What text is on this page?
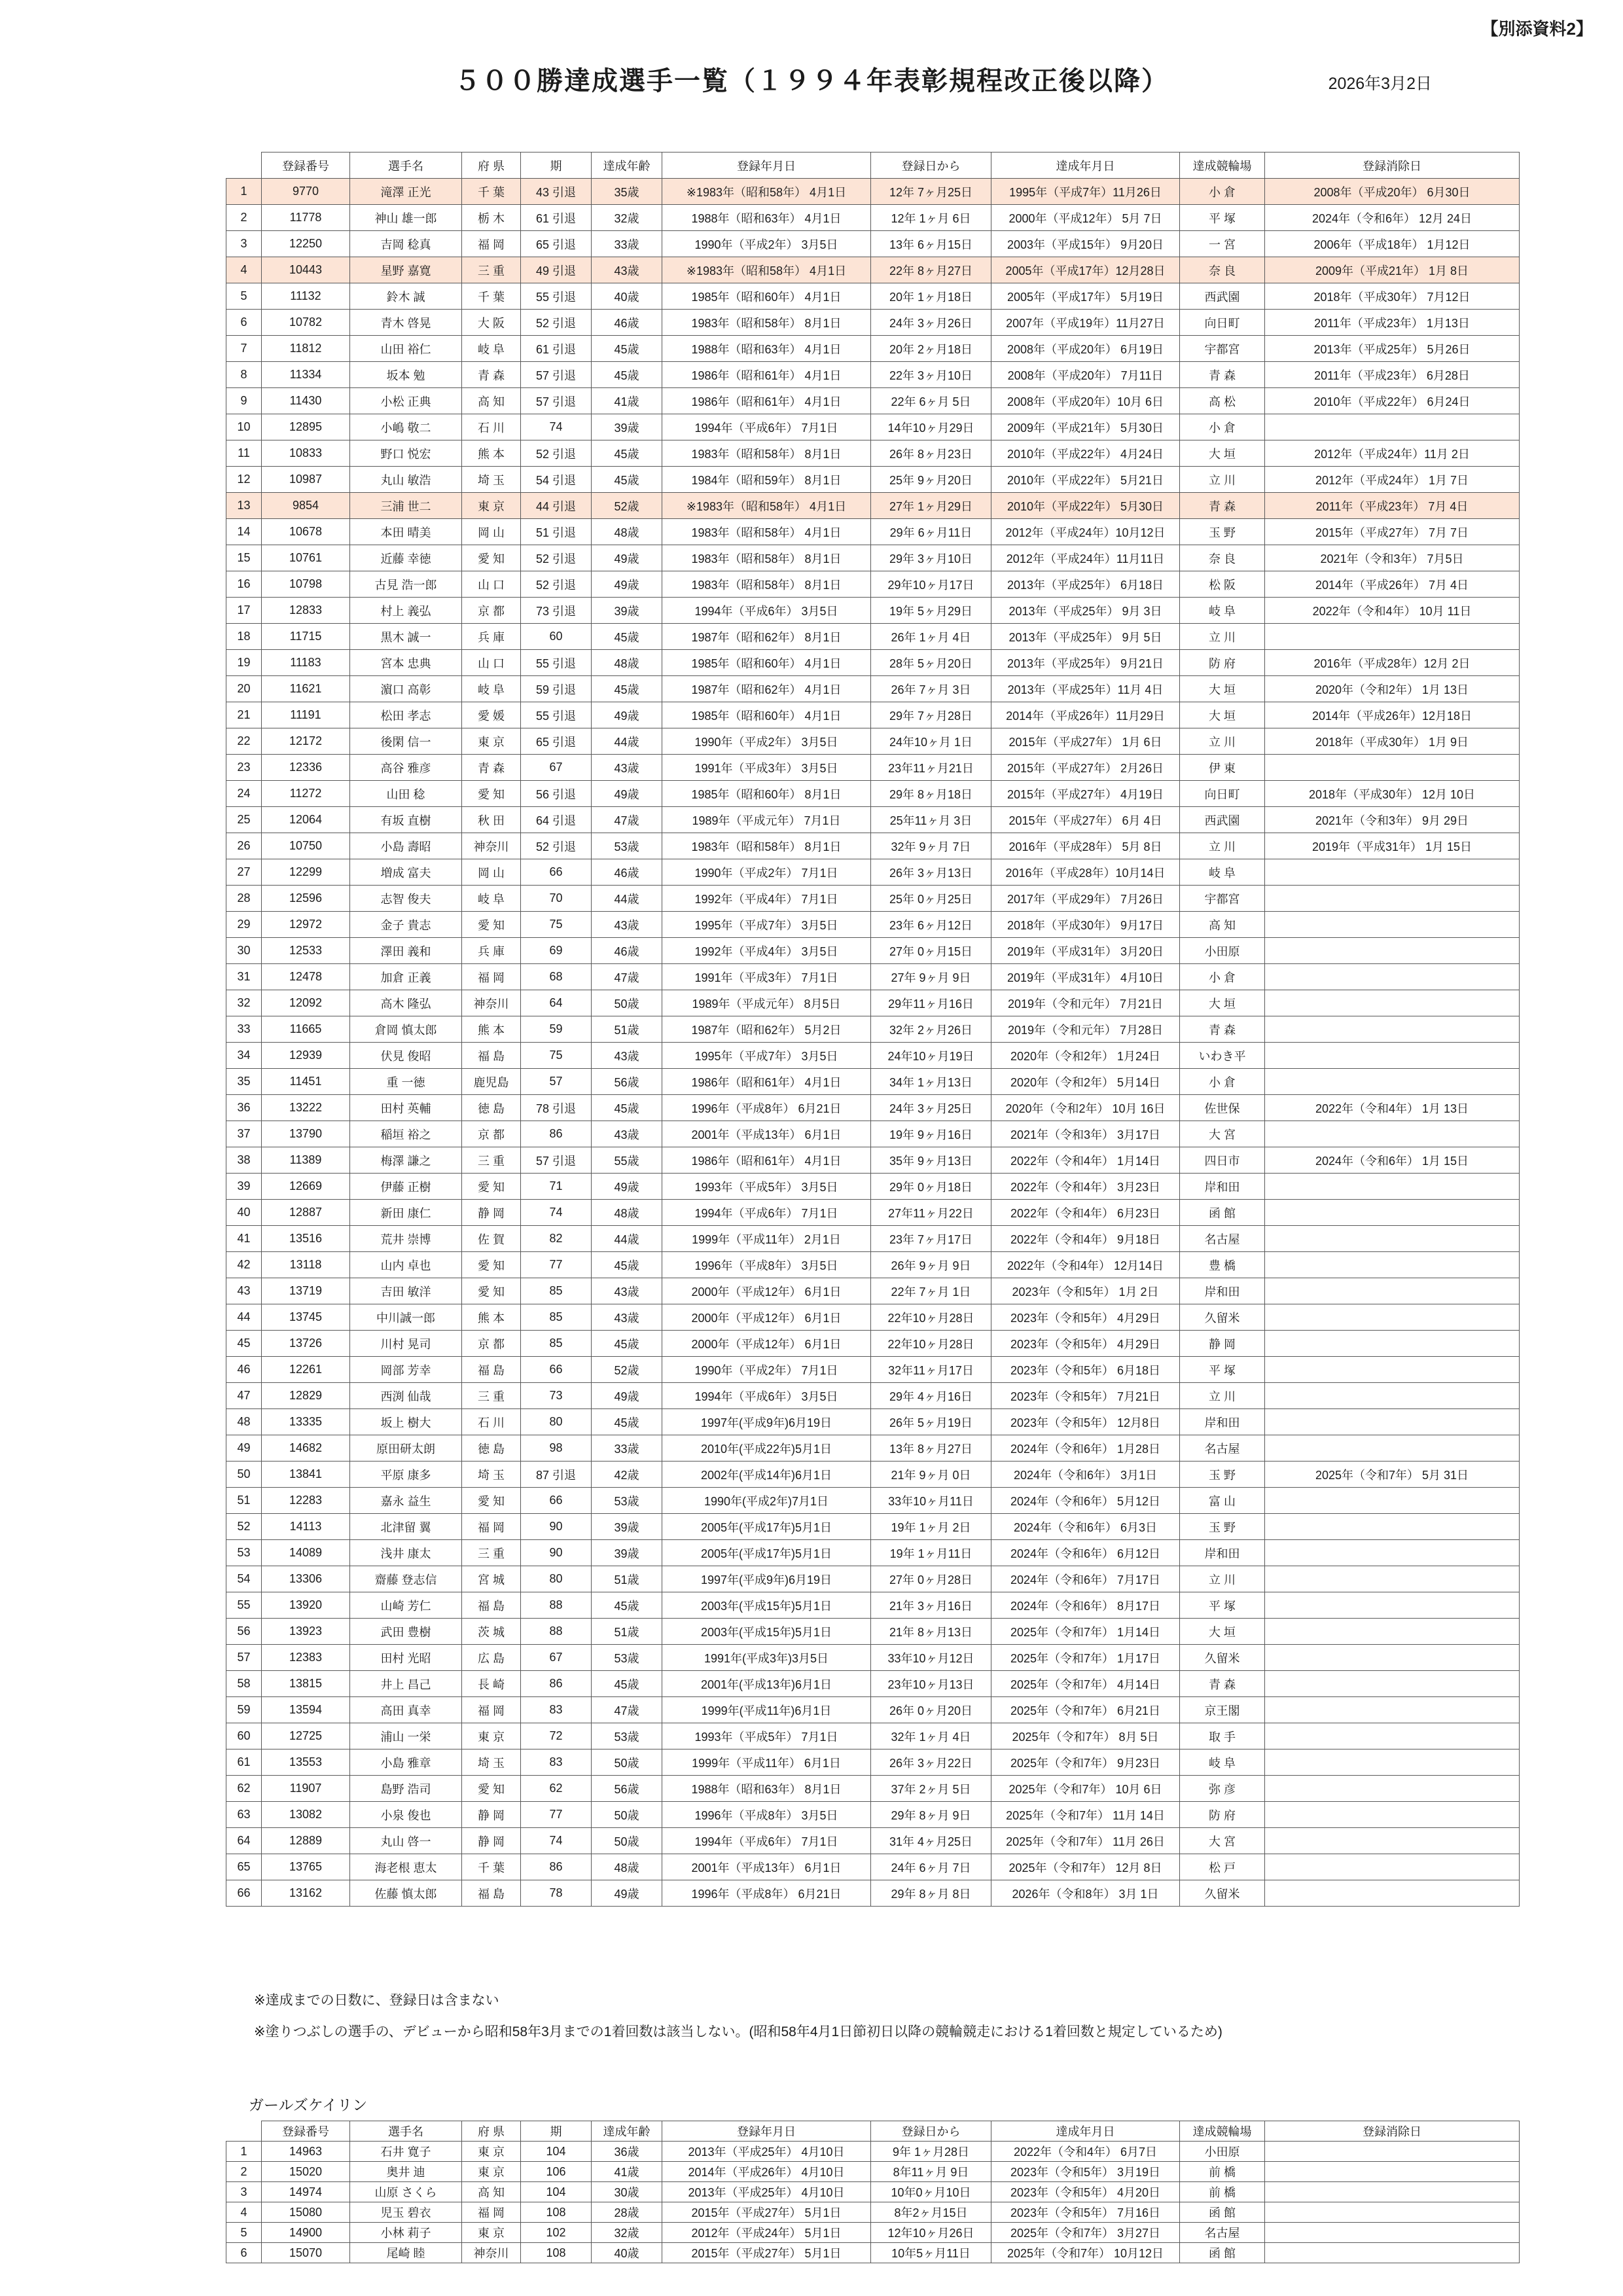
【別添資料2】
５００勝達成選手一覧（１９９４年表彰規程改正後以降）	2026年3月2日
	登録番号	選手名	府 県	期	達成年齢	登録年月日	登録日から	達成年月日	達成競輪場	登録消除日
1	9770	滝澤 正光	千 葉	43 引退	35歳	※1983年（昭和58年） 4月1日	12年 7ヶ月25日	1995年（平成7年）11月26日	小 倉	2008年（平成20年） 6月30日
2	11778	神山 雄一郎	栃 木	61 引退	32歳	1988年（昭和63年） 4月1日	12年 1ヶ月 6日	2000年（平成12年） 5月 7日	平 塚	2024年（令和6年） 12月 24日
3	12250	吉岡 稔真	福 岡	65 引退	33歳	1990年（平成2年） 3月5日	13年 6ヶ月15日	2003年（平成15年） 9月20日	一 宮	2006年（平成18年） 1月12日
4	10443	星野 嘉寛	三 重	49 引退	43歳	※1983年（昭和58年） 4月1日	22年 8ヶ月27日	2005年（平成17年）12月28日	奈 良	2009年（平成21年） 1月 8日
5	11132	鈴木 誠	千 葉	55 引退	40歳	1985年（昭和60年） 4月1日	20年 1ヶ月18日	2005年（平成17年） 5月19日	西武園	2018年（平成30年） 7月12日
6	10782	青木 啓晃	大 阪	52 引退	46歳	1983年（昭和58年） 8月1日	24年 3ヶ月26日	2007年（平成19年）11月27日	向日町	2011年（平成23年） 1月13日
7	11812	山田 裕仁	岐 阜	61 引退	45歳	1988年（昭和63年） 4月1日	20年 2ヶ月18日	2008年（平成20年） 6月19日	宇都宮	2013年（平成25年） 5月26日
8	11334	坂本 勉	青 森	57 引退	45歳	1986年（昭和61年） 4月1日	22年 3ヶ月10日	2008年（平成20年） 7月11日	青 森	2011年（平成23年） 6月28日
9	11430	小松 正典	高 知	57 引退	41歳	1986年（昭和61年） 4月1日	22年 6ヶ月 5日	2008年（平成20年）10月 6日	高 松	2010年（平成22年） 6月24日
10	12895	小嶋 敬二	石 川	74	39歳	1994年（平成6年） 7月1日	14年10ヶ月29日	2009年（平成21年） 5月30日	小 倉	
11	10833	野口 悦宏	熊 本	52 引退	45歳	1983年（昭和58年） 8月1日	26年 8ヶ月23日	2010年（平成22年） 4月24日	大 垣	2012年（平成24年）11月 2日
12	10987	丸山 敏浩	埼 玉	54 引退	45歳	1984年（昭和59年） 8月1日	25年 9ヶ月20日	2010年（平成22年） 5月21日	立 川	2012年（平成24年） 1月 7日
13	9854	三浦 世二	東 京	44 引退	52歳	※1983年（昭和58年） 4月1日	27年 1ヶ月29日	2010年（平成22年） 5月30日	青 森	2011年（平成23年） 7月 4日
14	10678	本田 晴美	岡 山	51 引退	48歳	1983年（昭和58年） 4月1日	29年 6ヶ月11日	2012年（平成24年）10月12日	玉 野	2015年（平成27年） 7月 7日
15	10761	近藤 幸徳	愛 知	52 引退	49歳	1983年（昭和58年） 8月1日	29年 3ヶ月10日	2012年（平成24年）11月11日	奈 良	2021年（令和3年） 7月5日
16	10798	古見 浩一郎	山 口	52 引退	49歳	1983年（昭和58年） 8月1日	29年10ヶ月17日	2013年（平成25年） 6月18日	松 阪	2014年（平成26年） 7月 4日
17	12833	村上 義弘	京 都	73 引退	39歳	1994年（平成6年） 3月5日	19年 5ヶ月29日	2013年（平成25年） 9月 3日	岐 阜	2022年（令和4年） 10月 11日
18	11715	黒木 誠一	兵 庫	60	45歳	1987年（昭和62年） 8月1日	26年 1ヶ月 4日	2013年（平成25年） 9月 5日	立 川	
19	11183	宮本 忠典	山 口	55 引退	48歳	1985年（昭和60年） 4月1日	28年 5ヶ月20日	2013年（平成25年） 9月21日	防 府	2016年（平成28年）12月 2日
20	11621	濵口 高彰	岐 阜	59 引退	45歳	1987年（昭和62年） 4月1日	26年 7ヶ月 3日	2013年（平成25年）11月 4日	大 垣	2020年（令和2年） 1月 13日
21	11191	松田 孝志	愛 媛	55 引退	49歳	1985年（昭和60年） 4月1日	29年 7ヶ月28日	2014年（平成26年）11月29日	大 垣	2014年（平成26年）12月18日
22	12172	後閑 信一	東 京	65 引退	44歳	1990年（平成2年） 3月5日	24年10ヶ月 1日	2015年（平成27年） 1月 6日	立 川	2018年（平成30年） 1月 9日
23	12336	高谷 雅彦	青 森	67	43歳	1991年（平成3年） 3月5日	23年11ヶ月21日	2015年（平成27年） 2月26日	伊 東	
24	11272	山田 稔	愛 知	56 引退	49歳	1985年（昭和60年） 8月1日	29年 8ヶ月18日	2015年（平成27年） 4月19日	向日町	2018年（平成30年） 12月 10日
25	12064	有坂 直樹	秋 田	64 引退	47歳	1989年（平成元年） 7月1日	25年11ヶ月 3日	2015年（平成27年） 6月 4日	西武園	2021年（令和3年） 9月 29日
26	10750	小島 壽昭	神奈川	52 引退	53歳	1983年（昭和58年） 8月1日	32年 9ヶ月 7日	2016年（平成28年） 5月 8日	立 川	2019年（平成31年） 1月 15日
27	12299	増成 富夫	岡 山	66	46歳	1990年（平成2年） 7月1日	26年 3ヶ月13日	2016年（平成28年）10月14日	岐 阜	
28	12596	志智 俊夫	岐 阜	70	44歳	1992年（平成4年） 7月1日	25年 0ヶ月25日	2017年（平成29年） 7月26日	宇都宮	
29	12972	金子 貴志	愛 知	75	43歳	1995年（平成7年） 3月5日	23年 6ヶ月12日	2018年（平成30年） 9月17日	高 知	
30	12533	澤田 義和	兵 庫	69	46歳	1992年（平成4年） 3月5日	27年 0ヶ月15日	2019年（平成31年） 3月20日	小田原	
31	12478	加倉 正義	福 岡	68	47歳	1991年（平成3年） 7月1日	27年 9ヶ月 9日	2019年（平成31年） 4月10日	小 倉	
32	12092	高木 隆弘	神奈川	64	50歳	1989年（平成元年） 8月5日	29年11ヶ月16日	2019年（令和元年） 7月21日	大 垣	
33	11665	倉岡 慎太郎	熊 本	59	51歳	1987年（昭和62年） 5月2日	32年 2ヶ月26日	2019年（令和元年） 7月28日	青 森	
34	12939	伏見 俊昭	福 島	75	43歳	1995年（平成7年） 3月5日	24年10ヶ月19日	2020年（令和2年） 1月24日	いわき平	
35	11451	重 一徳	鹿児島	57	56歳	1986年（昭和61年） 4月1日	34年 1ヶ月13日	2020年（令和2年） 5月14日	小 倉	
36	13222	田村 英輔	徳 島	78 引退	45歳	1996年（平成8年） 6月21日	24年 3ヶ月25日	2020年（令和2年） 10月 16日	佐世保	2022年（令和4年） 1月 13日
37	13790	稲垣 裕之	京 都	86	43歳	2001年（平成13年） 6月1日	19年 9ヶ月16日	2021年（令和3年） 3月17日	大 宮	
38	11389	梅澤 謙之	三 重	57 引退	55歳	1986年（昭和61年） 4月1日	35年 9ヶ月13日	2022年（令和4年） 1月14日	四日市	2024年（令和6年） 1月 15日
39	12669	伊藤 正樹	愛 知	71	49歳	1993年（平成5年） 3月5日	29年 0ヶ月18日	2022年（令和4年） 3月23日	岸和田	
40	12887	新田 康仁	静 岡	74	48歳	1994年（平成6年） 7月1日	27年11ヶ月22日	2022年（令和4年） 6月23日	函 館	
41	13516	荒井 崇博	佐 賀	82	44歳	1999年（平成11年） 2月1日	23年 7ヶ月17日	2022年（令和4年） 9月18日	名古屋	
42	13118	山内 卓也	愛 知	77	45歳	1996年（平成8年） 3月5日	26年 9ヶ月 9日	2022年（令和4年） 12月14日	豊 橋	
43	13719	吉田 敏洋	愛 知	85	43歳	2000年（平成12年） 6月1日	22年 7ヶ月 1日	2023年（令和5年） 1月 2日	岸和田	
44	13745	中川誠一郎	熊 本	85	43歳	2000年（平成12年） 6月1日	22年10ヶ月28日	2023年（令和5年） 4月29日	久留米	
45	13726	川村 晃司	京 都	85	45歳	2000年（平成12年） 6月1日	22年10ヶ月28日	2023年（令和5年） 4月29日	静 岡	
46	12261	岡部 芳幸	福 島	66	52歳	1990年（平成2年） 7月1日	32年11ヶ月17日	2023年（令和5年） 6月18日	平 塚	
47	12829	西渕 仙哉	三 重	73	49歳	1994年（平成6年） 3月5日	29年 4ヶ月16日	2023年（令和5年） 7月21日	立 川	
48	13335	坂上 樹大	石 川	80	45歳	1997年(平成9年)6月19日	26年 5ヶ月19日	2023年（令和5年） 12月8日	岸和田	
49	14682	原田研太朗	徳 島	98	33歳	2010年(平成22年)5月1日	13年 8ヶ月27日	2024年（令和6年） 1月28日	名古屋	
50	13841	平原 康多	埼 玉	87 引退	42歳	2002年(平成14年)6月1日	21年 9ヶ月 0日	2024年（令和6年） 3月1日	玉 野	2025年（令和7年） 5月 31日
51	12283	嘉永 益生	愛 知	66	53歳	1990年(平成2年)7月1日	33年10ヶ月11日	2024年（令和6年） 5月12日	富 山	
52	14113	北津留 翼	福 岡	90	39歳	2005年(平成17年)5月1日	19年 1ヶ月 2日	2024年（令和6年） 6月3日	玉 野	
53	14089	浅井 康太	三 重	90	39歳	2005年(平成17年)5月1日	19年 1ヶ月11日	2024年（令和6年） 6月12日	岸和田	
54	13306	齋藤 登志信	宮 城	80	51歳	1997年(平成9年)6月19日	27年 0ヶ月28日	2024年（令和6年） 7月17日	立 川	
55	13920	山崎 芳仁	福 島	88	45歳	2003年(平成15年)5月1日	21年 3ヶ月16日	2024年（令和6年） 8月17日	平 塚	
56	13923	武田 豊樹	茨 城	88	51歳	2003年(平成15年)5月1日	21年 8ヶ月13日	2025年（令和7年） 1月14日	大 垣	
57	12383	田村 光昭	広 島	67	53歳	1991年(平成3年)3月5日	33年10ヶ月12日	2025年（令和7年） 1月17日	久留米	
58	13815	井上 昌己	長 崎	86	45歳	2001年(平成13年)6月1日	23年10ヶ月13日	2025年（令和7年） 4月14日	青 森	
59	13594	高田 真幸	福 岡	83	47歳	1999年(平成11年)6月1日	26年 0ヶ月20日	2025年（令和7年） 6月21日	京王閣	
60	12725	浦山 一栄	東 京	72	53歳	1993年（平成5年） 7月1日	32年 1ヶ月 4日	2025年（令和7年） 8月 5日	取 手	
61	13553	小島 雅章	埼 玉	83	50歳	1999年（平成11年） 6月1日	26年 3ヶ月22日	2025年（令和7年） 9月23日	岐 阜	
62	11907	島野 浩司	愛 知	62	56歳	1988年（昭和63年） 8月1日	37年 2ヶ月 5日	2025年（令和7年） 10月 6日	弥 彦	
63	13082	小泉 俊也	静 岡	77	50歳	1996年（平成8年） 3月5日	29年 8ヶ月 9日	2025年（令和7年） 11月 14日	防 府	
64	12889	丸山 啓一	静 岡	74	50歳	1994年（平成6年） 7月1日	31年 4ヶ月25日	2025年（令和7年） 11月 26日	大 宮	
65	13765	海老根 恵太	千 葉	86	48歳	2001年（平成13年） 6月1日	24年 6ヶ月 7日	2025年（令和7年） 12月 8日	松 戸	
66	13162	佐藤 慎太郎	福 島	78	49歳	1996年（平成8年） 6月21日	29年 8ヶ月 8日	2026年（令和8年） 3月 1日	久留米	
※達成までの日数に、登録日は含まない
※塗りつぶしの選手の、デビューから昭和58年3月までの1着回数は該当しない。(昭和58年4月1日節初日以降の競輪競走における1着回数と規定しているため)
ガールズケイリン
	登録番号	選手名	府 県	期	達成年齢	登録年月日	登録日から	達成年月日	達成競輪場	登録消除日
1	14963	石井 寛子	東 京	104	36歳	2013年（平成25年） 4月10日	9年 1ヶ月28日	2022年（令和4年） 6月7日	小田原	
2	15020	奥井 迪	東 京	106	41歳	2014年（平成26年） 4月10日	8年11ヶ月 9日	2023年（令和5年） 3月19日	前 橋	
3	14974	山原 さくら	高 知	104	30歳	2013年（平成25年） 4月10日	10年0ヶ月10日	2023年（令和5年） 4月20日	前 橋	
4	15080	児玉 碧衣	福 岡	108	28歳	2015年（平成27年） 5月1日	8年2ヶ月15日	2023年（令和5年） 7月16日	函 館	
5	14900	小林 莉子	東 京	102	32歳	2012年（平成24年） 5月1日	12年10ヶ月26日	2025年（令和7年） 3月27日	名古屋	
6	15070	尾崎 睦	神奈川	108	40歳	2015年（平成27年） 5月1日	10年5ヶ月11日	2025年（令和7年） 10月12日	函 館	
